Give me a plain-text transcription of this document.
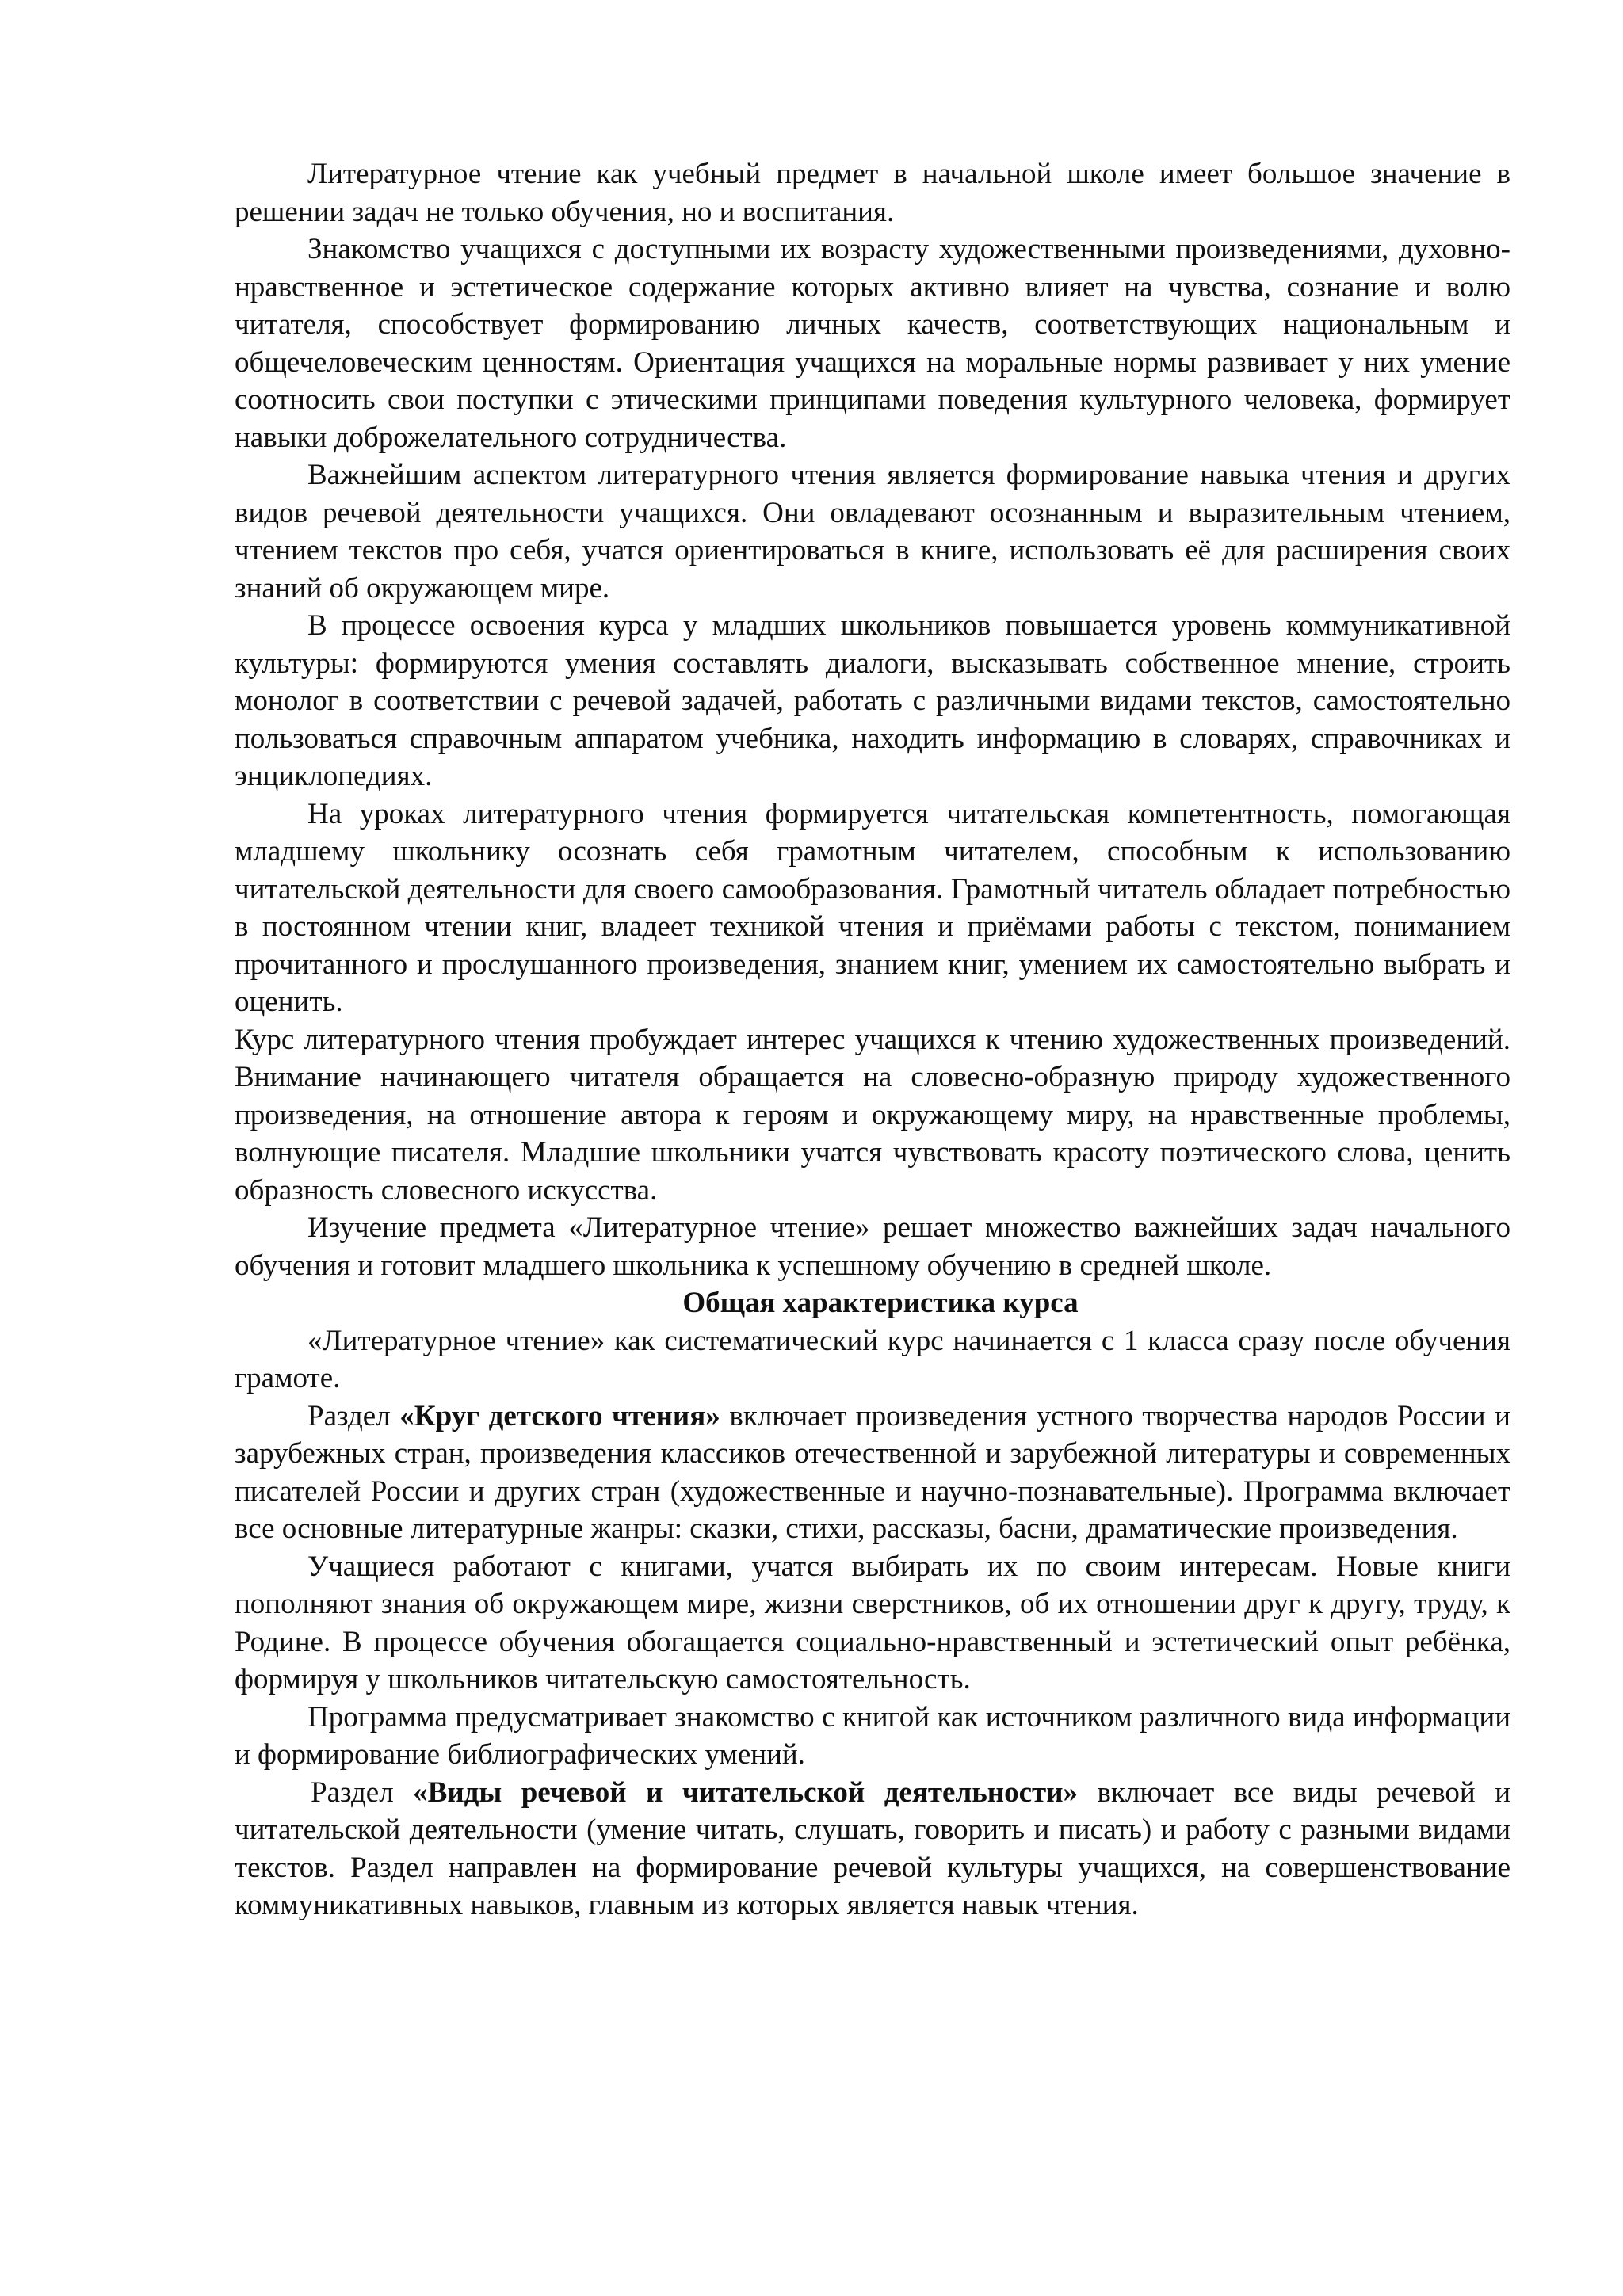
Литературное чтение как учебный предмет в начальной школе имеет большое значение в решении задач не только обучения, но и воспитания.

Знакомство учащихся с доступными их возрасту художественными произведениями, духовно-нравственное и эстетическое содержание которых активно влияет на чувства, сознание и волю читателя, способствует формированию личных качеств, соответствующих национальным и общечеловеческим ценностям. Ориентация учащихся на моральные нормы развивает у них умение соотносить свои поступки с этическими принципами поведения культурного человека, формирует навыки доброжелательного сотрудничества.

Важнейшим аспектом литературного чтения является формирование навыка чтения и других видов речевой деятельности учащихся. Они овладевают осознанным и выразительным чтением, чтением текстов про себя, учатся ориентироваться в книге, использовать её для расширения своих знаний об окружающем мире.

В процессе освоения курса у младших школьников повышается уровень коммуникативной культуры: формируются умения составлять диалоги, высказывать собственное мнение, строить монолог в соответствии с речевой задачей, работать с различными видами текстов, самостоятельно пользоваться справочным аппаратом учебника, находить информацию в словарях, справочниках и энциклопедиях.

На уроках литературного чтения формируется читательская компетентность, помогающая младшему школьнику осознать себя грамотным читателем, способным к использованию читательской деятельности для своего самообразования. Грамотный читатель обладает потребностью в постоянном чтении книг, владеет техникой чтения и приёмами работы с текстом, пониманием прочитанного и прослушанного произведения, знанием книг, умением их самостоятельно выбрать и оценить.

Курс литературного чтения пробуждает интерес учащихся к чтению художественных произведений. Внимание начинающего читателя обращается на словесно-образную природу художественного произведения, на отношение автора к героям и окружающему миру, на нравственные проблемы, волнующие писателя. Младшие школьники учатся чувствовать красоту поэтического слова, ценить образность словесного искусства.

Изучение предмета «Литературное чтение» решает множество важнейших задач начального обучения и готовит младшего школьника к успешному обучению в средней школе.

Общая характеристика курса

«Литературное чтение» как систематический курс начинается с 1 класса сразу после обучения грамоте.

Раздел «Круг детского чтения» включает произведения устного творчества народов России и зарубежных стран, произведения классиков отечественной и зарубежной литературы и современных писателей России и других стран (художественные и научно-познавательные). Программа включает все основные литературные жанры: сказки, стихи, рассказы, басни, драматические произведения.

Учащиеся работают с книгами, учатся выбирать их по своим интересам. Новые книги пополняют знания об окружающем мире, жизни сверстников, об их отношении друг к другу, труду, к Родине. В процессе обучения обогащается социально-нравственный и эстетический опыт ребёнка, формируя у школьников читательскую самостоятельность.

Программа предусматривает знакомство с книгой как источником различного вида информации и формирование библиографических умений.

Раздел «Виды речевой и читательской деятельности» включает все виды речевой и читательской деятельности (умение читать, слушать, говорить и писать) и работу с разными видами текстов. Раздел направлен на формирование речевой культуры учащихся, на совершенствование коммуникативных навыков, главным из которых является навык чтения.
